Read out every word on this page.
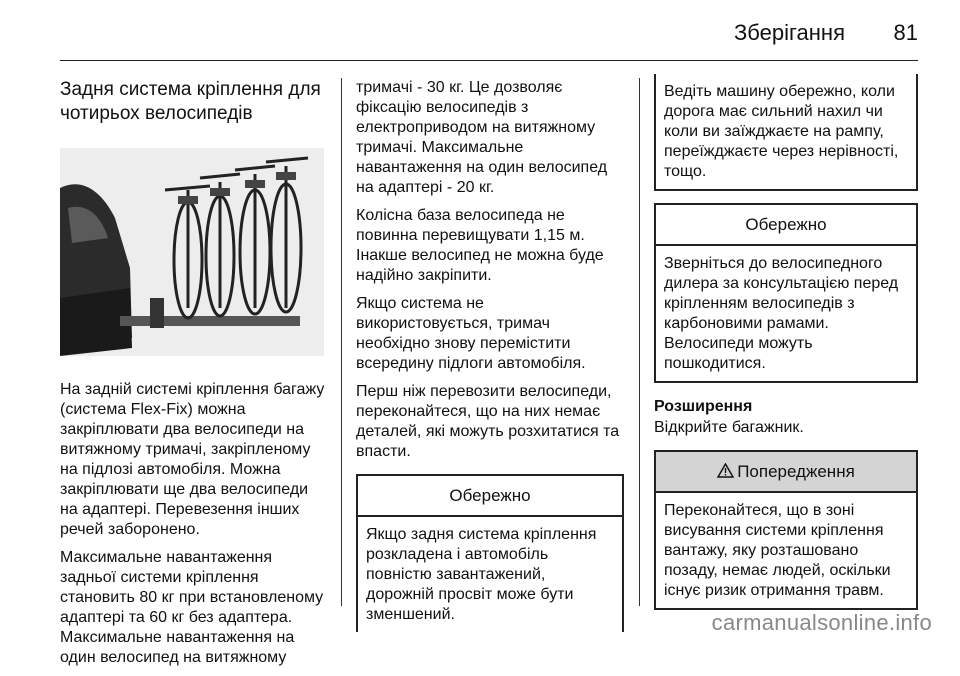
Зберігання 81
Задня система кріплення для чотирьох велосипедів

На задній системі кріплення багажу (система Flex-Fix) можна закріплювати два велосипеди на витяжному тримачі, закріпленому на підлозі автомобіля. Можна закріплювати ще два велосипеди на адаптері. Перевезення інших речей заборонено.

Максимальне навантаження задньої системи кріплення становить 80 кг при встановленому адаптері та 60 кг без адаптера. Максимальне навантаження на один велосипед на витяжному

тримачі - 30 кг. Це дозволяє фіксацію велосипедів з електроприводом на витяжному тримачі. Максимальне навантаження на один велосипед на адаптері - 20 кг.

Колісна база велосипеда не повинна перевищувати 1,15 м. Інакше велосипед не можна буде надійно закріпити.

Якщо система не використовується, тримач необхідно знову перемістити всередину підлоги автомобіля.

Перш ніж перевозити велосипеди, переконайтеся, що на них немає деталей, які можуть розхитатися та впасти.

Обережно
Якщо задня система кріплення розкладена і автомобіль повністю завантажений, дорожній просвіт може бути зменшений.
Ведіть машину обережно, коли дорога має сильний нахил чи коли ви заїжджаєте на рампу, переїжджаєте через нерівності, тощо.
Обережно
Зверніться до велосипедного дилера за консультацією перед кріпленням велосипедів з карбоновими рамами. Велосипеди можуть пошкодитися.
Розширення

Відкрийте багажник.

Попередження
Переконайтеся, що в зоні висування системи кріплення вантажу, яку розташовано позаду, немає людей, оскільки існує ризик отримання травм.
carmanualsonline.info
